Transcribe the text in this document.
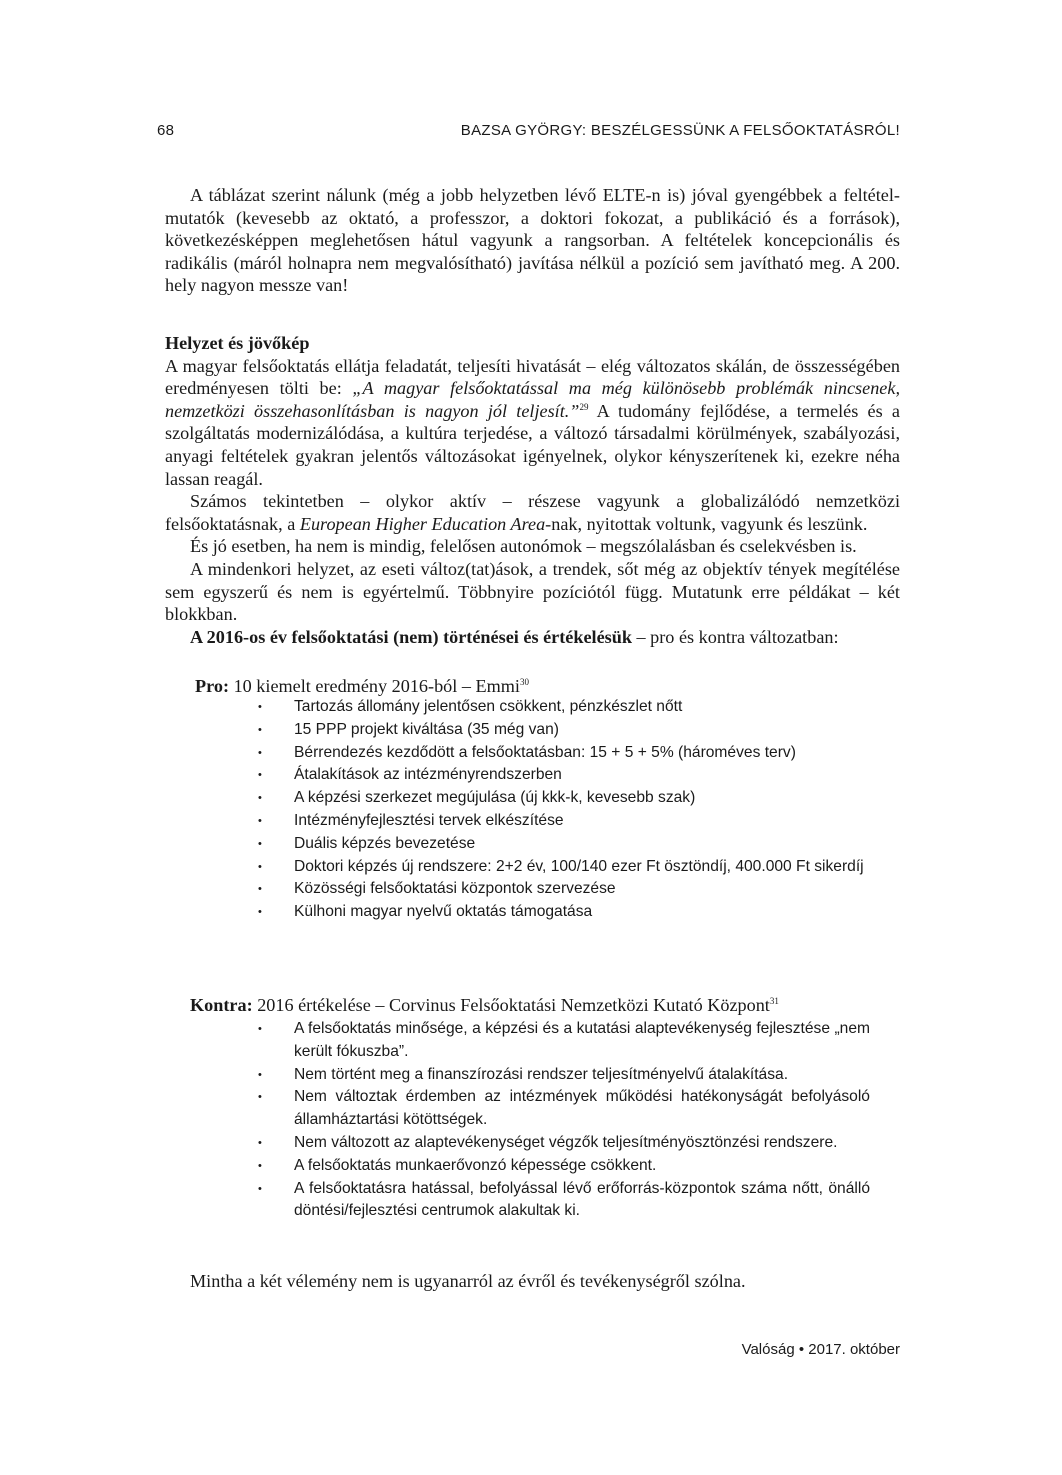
68	BAZSA GYÖRGY: BESZÉLGESSÜNK A FELSŐOKTATÁSRÓL!

A táblázat szerint nálunk (még a jobb helyzetben lévő ELTE-n is) jóval gyengébbek a feltétel-mutatók (kevesebb az oktató, a professzor, a doktori fokozat, a publikáció és a források), következésképpen meglehetősen hátul vagyunk a rangsorban. A feltételek koncepcionális és radikális (máról holnapra nem megvalósítható) javítása nélkül a pozíció sem javítható meg. A 200. hely nagyon messze van!

Helyzet és jövőkép

A magyar felsőoktatás ellátja feladatát, teljesíti hivatását – elég változatos skálán, de összességében eredményesen tölti be: „A magyar felsőoktatással ma még különösebb problémák nincsenek, nemzetközi összehasonlításban is nagyon jól teljesít.”$^{29}$ A tudomány fejlődése, a termelés és a szolgáltatás modernizálódása, a kultúra terjedése, a változó társadalmi körülmények, szabályozási, anyagi feltételek gyakran jelentős változásokat igényelnek, olykor kényszerítenek ki, ezekre néha lassan reagál.

Számos tekintetben – olykor aktív – részese vagyunk a globalizálódó nemzetközi felsőoktatásnak, a European Higher Education Area-nak, nyitottak voltunk, vagyunk és leszünk.

És jó esetben, ha nem is mindig, felelősen autonómok – megszólalásban és cselekvésben is.

A mindenkori helyzet, az eseti változ(tat)ások, a trendek, sőt még az objektív tények megítélése sem egyszerű és nem is egyértelmű. Többnyire pozíciótól függ. Mutatunk erre példákat – két blokkban.

A 2016-os év felsőoktatási (nem) történései és értékelésük – pro és kontra változatban:

Pro: 10 kiemelt eredmény 2016-ból – Emmi$^{30}$
• Tartozás állomány jelentősen csökkent, pénzkészlet nőtt
• 15 PPP projekt kiváltása (35 még van)
• Bérrendezés kezdődött a felsőoktatásban: 15 + 5 + 5% (hároméves terv)
• Átalakítások az intézményrendszerben
• A képzési szerkezet megújulása (új kkk-k, kevesebb szak)
• Intézményfejlesztési tervek elkészítése
• Duális képzés bevezetése
• Doktori képzés új rendszere: 2+2 év, 100/140 ezer Ft ösztöndíj, 400.000 Ft sikerdíj
• Közösségi felsőoktatási központok szervezése
• Külhoni magyar nyelvű oktatás támogatása
Kontra: 2016 értékelése – Corvinus Felsőoktatási Nemzetközi Kutató Központ$^{31}$
• A felsőoktatás minősége, a képzési és a kutatási alaptevékenység fejlesztése „nem került fókuszba”.
• Nem történt meg a finanszírozási rendszer teljesítményelvű átalakítása.
• Nem változtak érdemben az intézmények működési hatékonyságát befolyásoló államháztartási kötöttségek.
• Nem változott az alaptevékenységet végzők teljesítményösztönzési rendszere.
• A felsőoktatás munkaerővonzó képessége csökkent.
• A felsőoktatásra hatással, befolyással lévő erőforrás-központok száma nőtt, önálló döntési/fejlesztési centrumok alakultak ki.
Mintha a két vélemény nem is ugyanarról az évről és tevékenységről szólna.
Valóság • 2017. október
